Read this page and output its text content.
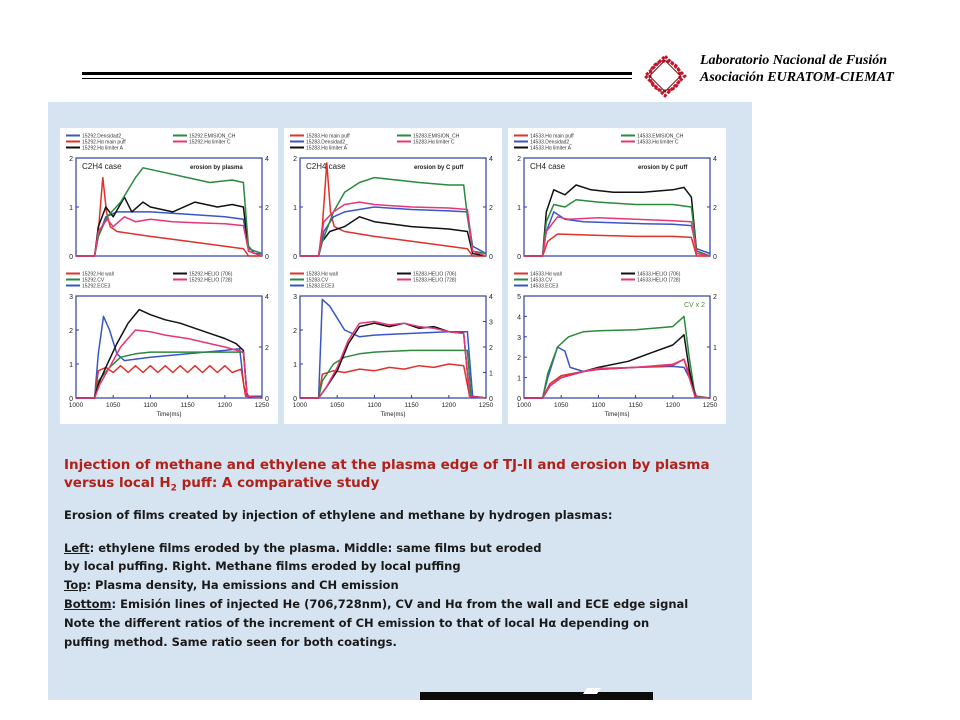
Laboratorio Nacional de Fusión
Asociación EURATOM-CIEMAT
15292.Densidad2_
15292.Hα main puff
15292.Hα limiter A
15292.EMISION_CH
15292.Hα limiter C
0
1
2
0
2
4
C2H4 case	erosion by plasma
15283.Hα main puff
15283.Densidad2_
15283.Hα limiter A
15283.EMISION_CH
15283.Hα limiter C
0
1
2
0
2
4
C2H4 case	erosion by C puff
14533.Hα main puff
14533.Densidad2_
14533.Hα limiter A
14533.EMISION_CH
14533.Hα limiter C
0
1
2
0
2
4
CH4 case	erosion by C puff
15292.Hα wall
15292.CV
15292.ECE3
15292.HELIO (706)
15292.HELIO (728)
0
1
2
3
0
2
4
1000	1050	1100	1150	1200	1250
Time(ms)
15283.Hα wall
15283.CV
15283.ECE3
15283.HELIO (706)
15283.HELIO (728)
0
1
2
3
0
1
2
3
4
1000	1050	1100	1150	1200	1250
Time(ms)
14533.Hα wall
14533.CV
14533.ECE3
14533.HELIO (706)
14533.HELIO (728)
0
1
2
3
4
5
0
1
2
1000	1050	1100	1150	1200	1250
Time(ms)
CV x 2
Injection of methane and ethylene at the plasma edge of TJ-II and erosion by plasma
versus local $H_2$ puff: A comparative study
Erosion of films created by injection of ethylene and methane by hydrogen plasmas:
Left: ethylene films eroded by the plasma. Middle: same films but eroded
by local puffing. Right. Methane films eroded by local puffing
Top: Plasma density, Ha emissions and CH emission
Bottom: Emisión lines of injected He (706,728nm), CV and Hα from the wall and ECE edge signal
Note the different ratios of the increment of CH emission to that of local Hα depending on
puffing method. Same ratio seen for both coatings.
